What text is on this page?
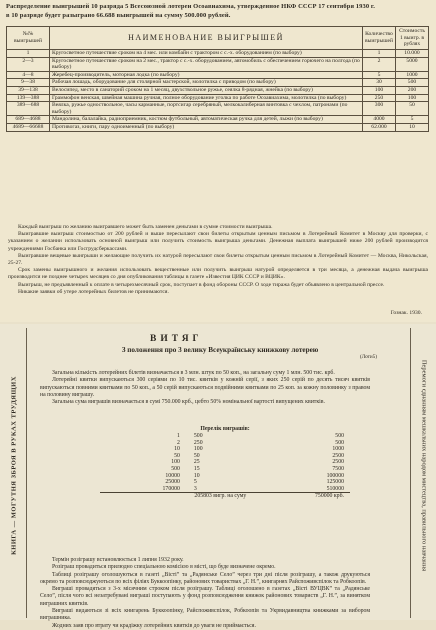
Распределение выигрышей 10 разряда 5 Всесоюзной лотереи Осоавиахима, утвержденное НКФ СССР 17 сентября 1930 г.
в 10 разряде будет разыграно 66.688 выигрышей на сумму 500.000 рублей.
№№ выигрышей	НАИМЕНОВАНИЕ ВЫИГРЫШЕЙ	Количество выигрышей	Стоимость 1 выигр. в рублях
1	Кругосветное путешествие сроком на 4 мес. или комбайн с трактором с с.-х. оборудованием (по выбору)	1	10.000
2—3	Кругосветное путешествие сроком на 2 мес., трактор с с.-х. оборудованием, автомобиль с обеспечением горючего на полгода (по выбору)	2	5000
4—8	Жеребец-производитель, моторная лодка (по выбору)	5	1000
9—38	Рабочая лошадь, оборудование для столярной мастерской, молотилка с приводом (по выбору)	30	500
39—138	Велосипед, место в санаторий сроком на 1 месяц, двухствольное ружье, сеялка 8-рядная, жнейка (по выбору)	100	200
139—388	Граммофон венская, швейная машина ручная, полное оборудование уголка по работе Осоавиахима, молотилка (по выбору)	250	100
389—688	Веялка, ружье одноствольное, часы карманные, портсигар серебряный, мелкокалиберная винтовка с чехлом, патронами (по выбору)	300	50
689—4688	Мандолина, балалайка, радиоприемник, костюм футбольный, автоматическая ручка для детей, лыжи (по выбору)	4000	5
4689—66688	Противогаз, книги, пару одноименный (по выбору)	62.000	10

Каждый выигрыш по желанию выигравшего может быть заменен деньгами в сумме стоимости выигрыша.

Выигравшие выигрыш стоимостью от 200 рублей и выше пересылают свои билеты открытым ценным письмом в Лотерейный Комитет в Москву для проверки, с указанием о желании использовать основной выигрыш или получить стоимость выигрыша деньгами. Денежная выплата выигрышей ниже 200 рублей производится учреждениями Госбанка или Госгрудсберкассами.

Выигравшие вещевые выигрыши и желающие получить их натурой пересылают свои билеты открытым ценным письмом в Лотерейный Комитет — Москва, Никольская, 25-27.

Срок замены выигрышного и желания использовать вещественные или получить выигрыш натурой определяется в три месяца, а денежная выдача выигрыша производится не позднее четырех месяцев со дня опубликования таблицы в газете «Известия ЦИК СССР и ВЦИК».

Выигрыш, не предъявленный к оплате в четырехмесячный срок, поступает в фонд обороны СССР. О ходе тиража будет объявлено в центральной прессе.

Никакие заявки об утере лотерейных билетов не принимаются.

Гознак. 1930.
КНИГА — МОГУТНЯ ЗБРОЯ В РУКАХ ТРУДЯЩИХ	Перемоги єднанням мешкальних народом мистецтва, правильного навчання
ВИТЯГ
З положення про 3 велику Всеукраїнську книжкову лотерею
(Лоти5)

Загальна кількість лотерейних білетів визначається в 3 млн. штук по 50 коп., на загальну суму 1 млн. 500 тис. крб.

Лотерейні квитки випускаються 300 серіями по 10 тис. квитків у кожній серії, з яких 250 серій по десять тисяч квитків випускаються повними квитками по 50 коп., а 50 серій випускаються подвійними квитками по 25 коп. за кожну половинку з правом на половину виграшу.

Загальна сума виграшів визначається в сумі 750.000 крб., цебто 50% номінальної вартості випущених квитків.

Перелік виграшів:
1	500	500
2	250	500
10	100	1000
50	50	2500
100	25	2500
500	15	7500
10000	10	100000
25000	5	125000
170000	3	510000
205803 вигр. на суму		750000 крб.

Термін розіграшу встановлюється 1 липня 1932 року.

Розіграш провадиться прилюдно спеціальною комісією в місті, що буде визначене окремо.

Таблиці розіграшу оголошуються в газеті „Вісті” та „Радянське Село” через три дні після розіграшу, а також друкуються окремо та розповсюджуються по всіх філіях Буккоопінку, районових товариствах „Г. Н.”, книгарнях Райспоживспілок та Робкоопів.

Виграші провадяться з 3-х місячним строком після розіграшу. Таблиці оголошено в газетах „Вісті ВУЦВК” та „Радянське Село”, після чого всі незатребувані виграші поступають у фонд розповсюдження книжок районових товариств „Г. Н.”, за винятком виграшних квитків.

Виграші видаються зі всіх книгарень Буккоопінку, Райспоживспілок, Робкоопів та Укрвидавництва книжками за вибором виграшника.

Жодних заяв про втрату чи крадіжку лотерейних квитків до уваги не приймається.
